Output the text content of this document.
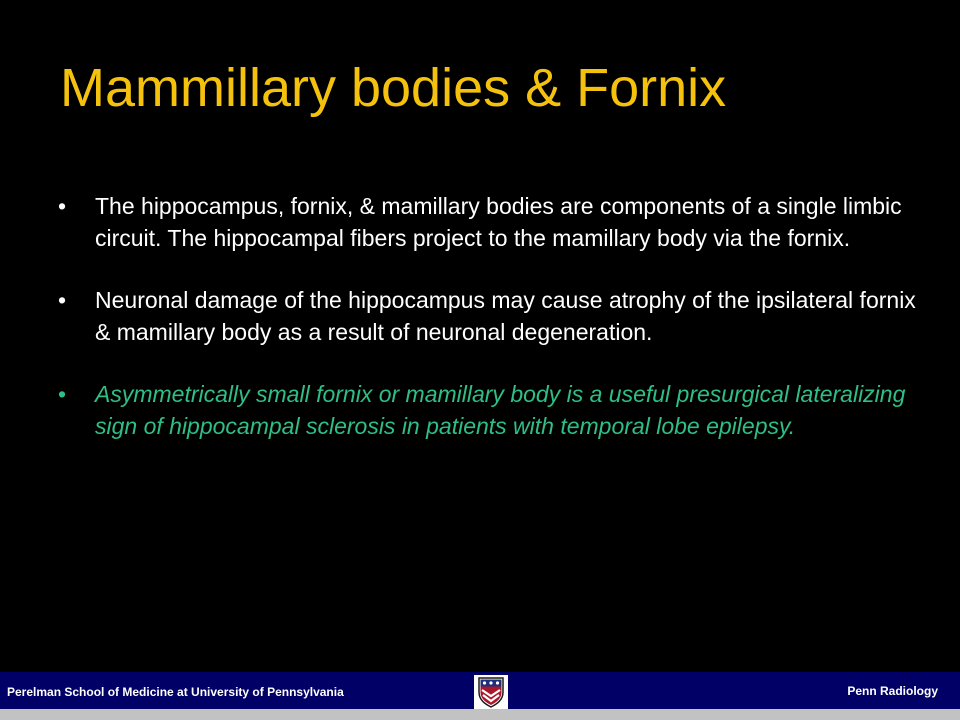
Mammillary bodies & Fornix
•	The hippocampus, fornix, & mamillary bodies are components of a single limbic circuit. The hippocampal fibers project to the mamillary body via the fornix.
•	Neuronal damage of the hippocampus may cause atrophy of the ipsilateral fornix & mamillary body as a result of neuronal degeneration.
•	Asymmetrically small fornix or mamillary body is a useful presurgical lateralizing sign of hippocampal sclerosis in patients with temporal lobe epilepsy.
Perelman School of Medicine at University of Pennsylvania	Penn Radiology
